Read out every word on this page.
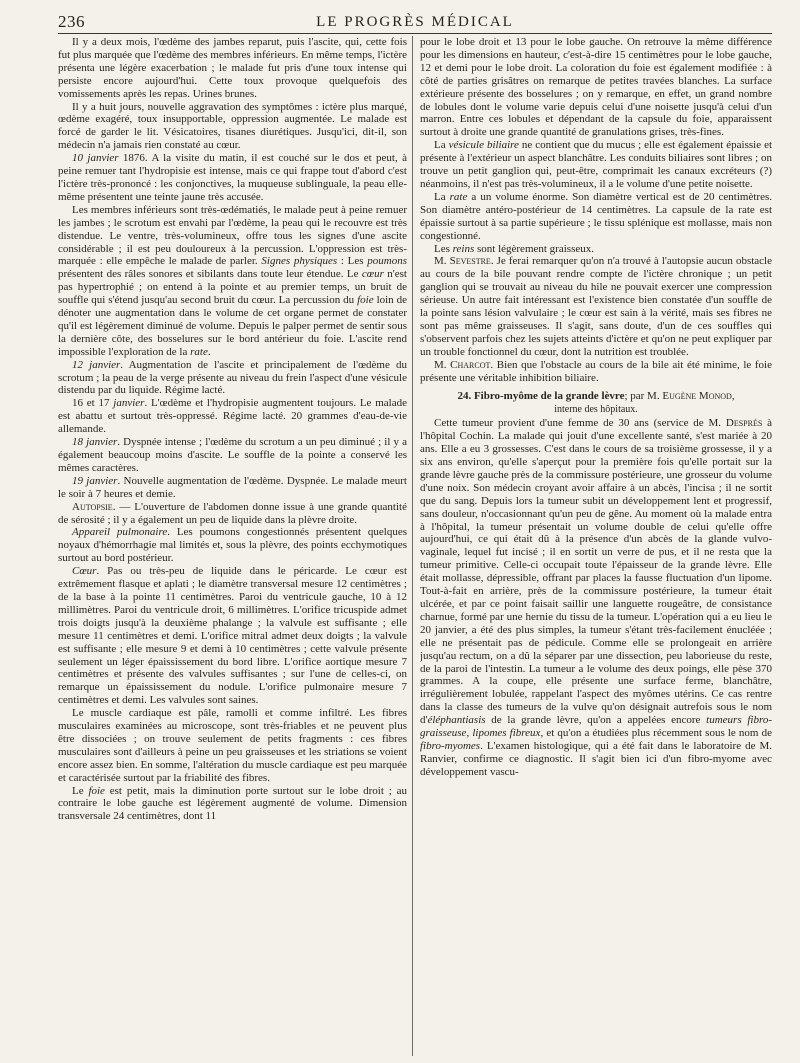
236	LE PROGRÈS MÉDICAL

Il y a deux mois, l'œdème des jambes reparut, puis l'ascite, qui, cette fois fut plus marquée que l'œdème des membres inférieurs. En même temps, l'ictère présenta une légère exacerbation ; le malade fut pris d'une toux intense qui persiste encore aujourd'hui. Cette toux provoque quelquefois des vomissements après les repas. Urines brunes.

Il y a huit jours, nouvelle aggravation des symptômes : ictère plus marqué, œdème exagéré, toux insupportable, oppression augmentée. Le malade est forcé de garder le lit. Vésicatoires, tisanes diurétiques. Jusqu'ici, dit-il, son médecin n'a jamais rien constaté au cœur.

10 janvier 1876. A la visite du matin, il est couché sur le dos et peut, à peine remuer tant l'hydropisie est intense, mais ce qui frappe tout d'abord c'est l'ictère très-prononcé : les conjonctives, la muqueuse sublinguale, la peau elle-même présentent une teinte jaune très accusée.

Les membres inférieurs sont très-œdématiés, le malade peut à peine remuer les jambes ; le scrotum est envahi par l'œdème, la peau qui le recouvre est très distendue. Le ventre, très-volumineux, offre tous les signes d'une ascite considérable ; il est peu douloureux à la percussion. L'oppression est très-marquée : elle empêche le malade de parler. Signes physiques : Les poumons présentent des râles sonores et sibilants dans toute leur étendue. Le cœur n'est pas hypertrophié ; on entend à la pointe et au premier temps, un bruit de souffle qui s'étend jusqu'au second bruit du cœur. La percussion du foie loin de dénoter une augmentation dans le volume de cet organe permet de constater qu'il est légèrement diminué de volume. Depuis le palper permet de sentir sous la dernière côte, des bosselures sur le bord antérieur du foie. L'ascite rend impossible l'exploration de la rate.

12 janvier. Augmentation de l'ascite et principalement de l'œdème du scrotum ; la peau de la verge présente au niveau du frein l'aspect d'une vésicule distendu par du liquide. Régime lacté.

16 et 17 janvier. L'œdème et l'hydropisie augmentent toujours. Le malade est abattu et surtout très-oppressé. Régime lacté. 20 grammes d'eau-de-vie allemande.

18 janvier. Dyspnée intense ; l'œdème du scrotum a un peu diminué ; il y a également beaucoup moins d'ascite. Le souffle de la pointe a conservé les mêmes caractères.

19 janvier. Nouvelle augmentation de l'œdème. Dyspnée. Le malade meurt le soir à 7 heures et demie.

Autopsie. — L'ouverture de l'abdomen donne issue à une grande quantité de sérosité ; il y a également un peu de liquide dans la plèvre droite.

Appareil pulmonaire. Les poumons congestionnés présentent quelques noyaux d'hémorrhagie mal limités et, sous la plèvre, des points ecchymotiques surtout au bord postérieur.

Cœur. Pas ou très-peu de liquide dans le péricarde. Le cœur est extrêmement flasque et aplati ; le diamètre transversal mesure 12 centimètres ; de la base à la pointe 11 centimètres. Paroi du ventricule gauche, 10 à 12 millimètres. Paroi du ventricule droit, 6 millimètres. L'orifice tricuspide admet trois doigts jusqu'à la deuxième phalange ; la valvule est suffisante ; elle mesure 11 centimètres et demi. L'orifice mitral admet deux doigts ; la valvule est suffisante ; elle mesure 9 et demi à 10 centimètres ; cette valvule présente seulement un léger épaississement du bord libre. L'orifice aortique mesure 7 centimètres et présente des valvules suffisantes ; sur l'une de celles-ci, on remarque un épaississement du nodule. L'orifice pulmonaire mesure 7 centimètres et demi. Les valvules sont saines.

Le muscle cardiaque est pâle, ramolli et comme infiltré. Les fibres musculaires examinées au microscope, sont très-friables et ne peuvent plus être dissociées ; on trouve seulement de petits fragments : ces fibres musculaires sont d'ailleurs à peine un peu graisseuses et les striations se voient encore assez bien. En somme, l'altération du muscle cardiaque est peu marquée et caractérisée surtout par la friabilité des fibres.

Le foie est petit, mais la diminution porte surtout sur le lobe droit ; au contraire le lobe gauche est légèrement augmenté de volume. Dimension transversale 24 centimètres, dont 11

pour le lobe droit et 13 pour le lobe gauche. On retrouve la même différence pour les dimensions en hauteur, c'est-à-dire 15 centimètres pour le lobe gauche, 12 et demi pour le lobe droit. La coloration du foie est également modifiée : à côté de parties grisâtres on remarque de petites travées blanches. La surface extérieure présente des bosselures ; on y remarque, en effet, un grand nombre de lobules dont le volume varie depuis celui d'une noisette jusqu'à celui d'un marron. Entre ces lobules et dépendant de la capsule du foie, apparaissent surtout à droite une grande quantité de granulations grises, très-fines.

La vésicule biliaire ne contient que du mucus ; elle est également épaissie et présente à l'extérieur un aspect blanchâtre. Les conduits biliaires sont libres ; on trouve un petit ganglion qui, peut-être, comprimait les canaux excréteurs (?) néanmoins, il n'est pas très-volumineux, il a le volume d'une petite noisette.

La rate a un volume énorme. Son diamètre vertical est de 20 centimètres. Son diamètre antéro-postérieur de 14 centimètres. La capsule de la rate est épaissie surtout à sa partie supérieure ; le tissu splénique est mollasse, mais non congestionné.

Les reins sont légèrement graisseux.

M. Sevestre. Je ferai remarquer qu'on n'a trouvé à l'autopsie aucun obstacle au cours de la bile pouvant rendre compte de l'ictère chronique ; un petit ganglion qui se trouvait au niveau du hile ne pouvait exercer une compression sérieuse. Un autre fait intéressant est l'existence bien constatée d'un souffle de la pointe sans lésion valvulaire ; le cœur est sain à la vérité, mais ses fibres ne sont pas même graisseuses. Il s'agit, sans doute, d'un de ces souffles qui s'observent parfois chez les sujets atteints d'ictère et qu'on ne peut expliquer par un trouble fonctionnel du cœur, dont la nutrition est troublée.

M. Charcot. Bien que l'obstacle au cours de la bile ait été minime, le foie présente une véritable inhibition biliaire.

24. Fibro-myôme de la grande lèvre; par M. Eugène Monod,
interne des hôpitaux.

Cette tumeur provient d'une femme de 30 ans (service de M. Després à l'hôpital Cochin. La malade qui jouit d'une excellente santé, s'est mariée à 20 ans. Elle a eu 3 grossesses. C'est dans le cours de sa troisième grossesse, il y a six ans environ, qu'elle s'aperçut pour la première fois qu'elle portait sur la grande lèvre gauche près de la commissure postérieure, une grosseur du volume d'une noix. Son médecin croyant avoir affaire à un abcès, l'incisa ; il ne sortit que du sang. Depuis lors la tumeur subit un développement lent et progressif, sans douleur, n'occasionnant qu'un peu de gêne. Au moment où la malade entra à l'hôpital, la tumeur présentait un volume double de celui qu'elle offre aujourd'hui, ce qui était dû à la présence d'un abcès de la glande vulvo-vaginale, lequel fut incisé ; il en sortit un verre de pus, et il ne resta que la tumeur primitive. Celle-ci occupait toute l'épaisseur de la grande lèvre. Elle était mollasse, dépressible, offrant par places la fausse fluctuation d'un lipome. Tout-à-fait en arrière, près de la commissure postérieure, la tumeur était ulcérée, et par ce point faisait saillir une languette rougeâtre, de consistance charnue, formé par une hernie du tissu de la tumeur. L'opération qui a eu lieu le 20 janvier, a été des plus simples, la tumeur s'étant très-facilement énucléée ; elle ne présentait pas de pédicule. Comme elle se prolongeait en arrière jusqu'au rectum, on a dû la séparer par une dissection, peu laborieuse du reste, de la paroi de l'intestin. La tumeur a le volume des deux poings, elle pèse 370 grammes. A la coupe, elle présente une surface ferme, blanchâtre, irrégulièrement lobulée, rappelant l'aspect des myômes utérins. Ce cas rentre dans la classe des tumeurs de la vulve qu'on désignait autrefois sous le nom d'éléphantiasis de la grande lèvre, qu'on a appelées encore tumeurs fibro-graisseuse, lipomes fibreux, et qu'on a étudiées plus récemment sous le nom de fibro-myomes. L'examen histologique, qui a été fait dans le laboratoire de M. Ranvier, confirme ce diagnostic. Il s'agit bien ici d'un fibro-myome avec développement vascu-
